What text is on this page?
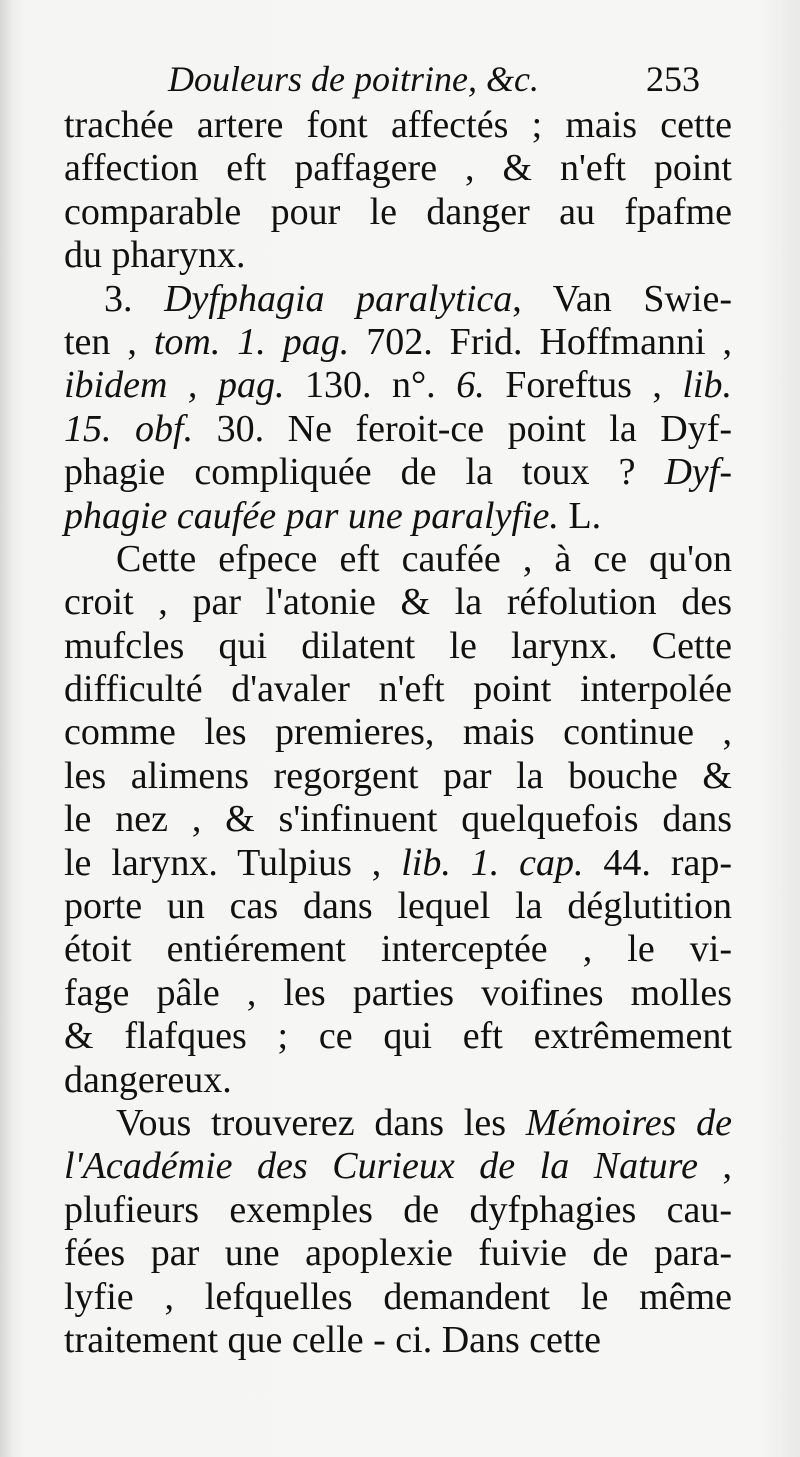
Douleurs de poitrine, &c.	253
trachée artere font affectés ; mais cette
affection eft paffagere , & n'eft point
comparable pour le danger au fpafme
du pharynx.
3. Dyfphagia paralytica, Van Swie-
ten , tom. 1. pag. 702. Frid. Hoffmanni ,
ibidem , pag. 130. n°. 6. Foreftus , lib.
15. obf. 30. Ne feroit-ce point la Dyf-
phagie compliquée de la toux ? Dyf-
phagie caufée par une paralyfie. L.
Cette efpece eft caufée , à ce qu'on
croit , par l'atonie & la réfolution des
mufcles qui dilatent le larynx. Cette
difficulté d'avaler n'eft point interpolée
comme les premieres, mais continue ,
les alimens regorgent par la bouche &
le nez , & s'infinuent quelquefois dans
le larynx. Tulpius , lib. 1. cap. 44. rap-
porte un cas dans lequel la déglutition
étoit entiérement interceptée , le vi-
fage pâle , les parties voifines molles
& flafques ; ce qui eft extrêmement
dangereux.
Vous trouverez dans les Mémoires de
l'Académie des Curieux de la Nature ,
plufieurs exemples de dyfphagies cau-
fées par une apoplexie fuivie de para-
lyfie , lefquelles demandent le même
traitement que celle - ci. Dans cette
